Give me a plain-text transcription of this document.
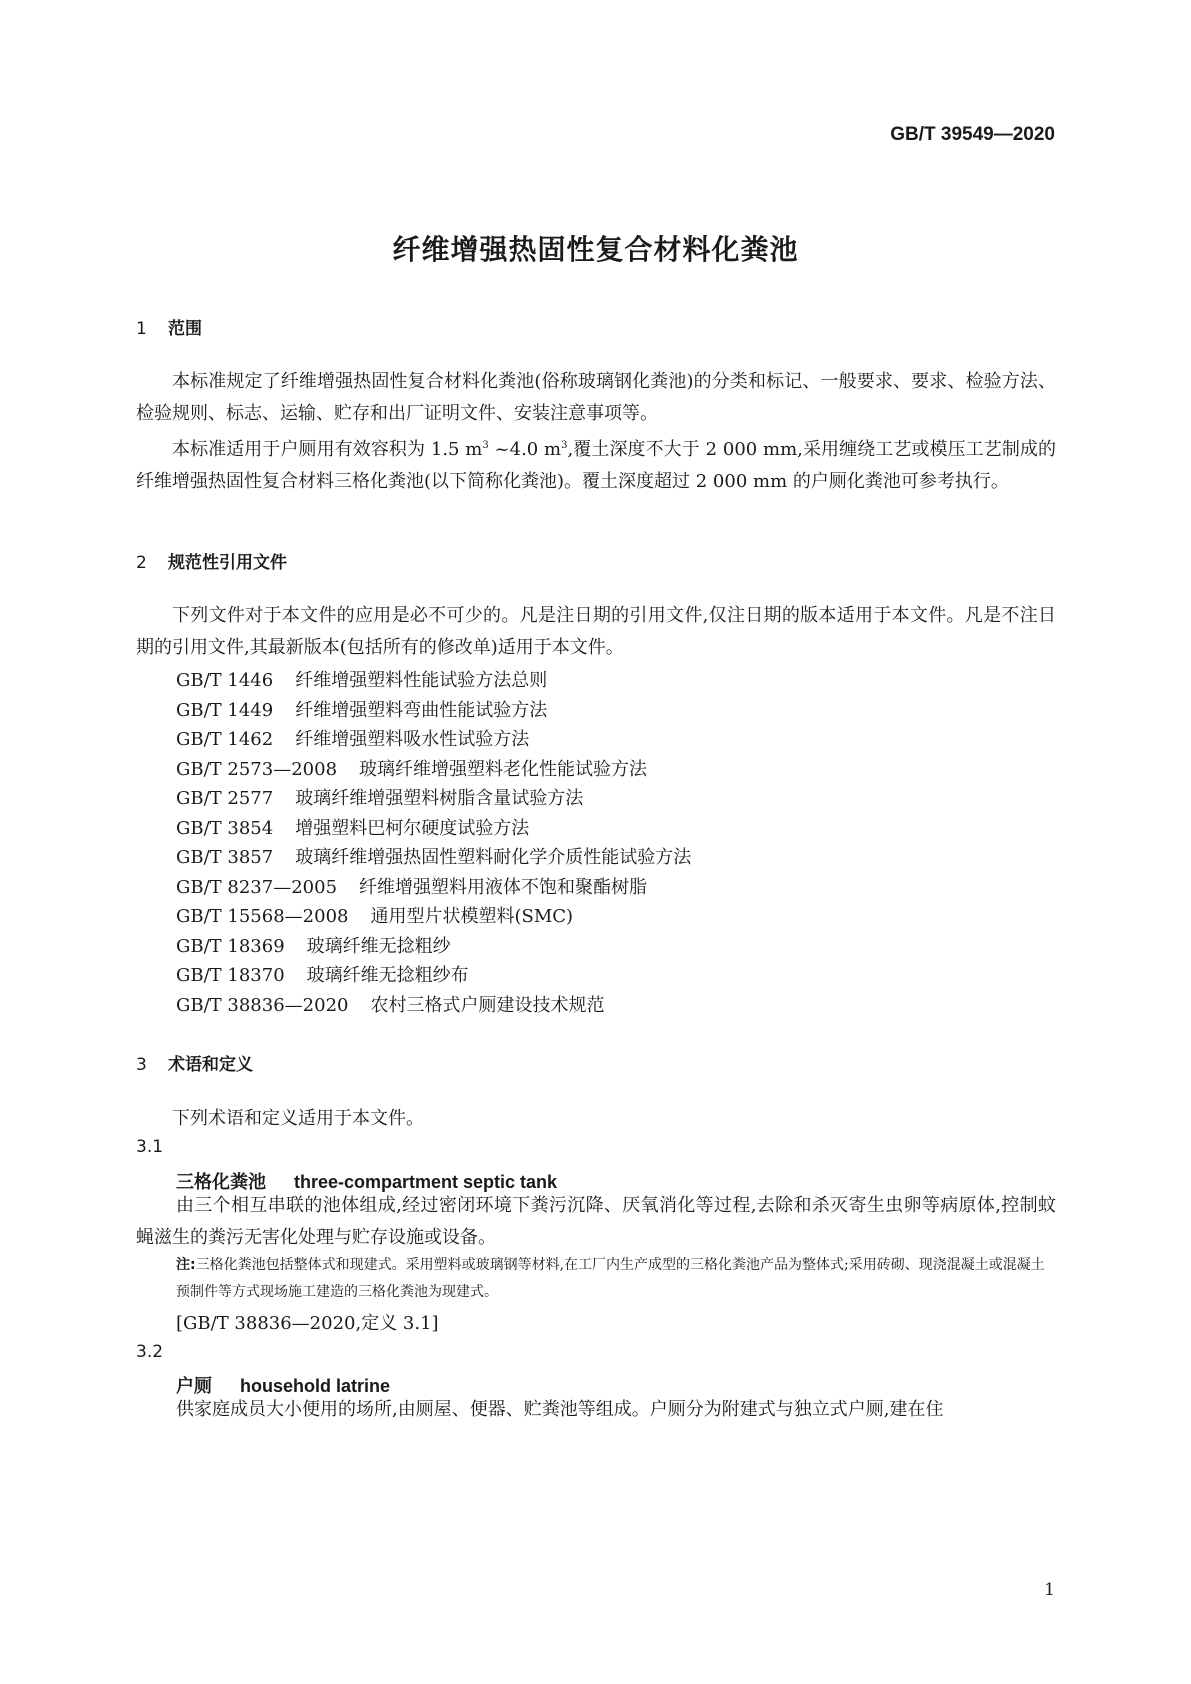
GB/T 39549—2020
纤维增强热固性复合材料化粪池
1 范围
本标准规定了纤维增强热固性复合材料化粪池(俗称玻璃钢化粪池)的分类和标记、一般要求、要求、检验方法、检验规则、标志、运输、贮存和出厂证明文件、安装注意事项等。
本标准适用于户厕用有效容积为 1.5 $m^3$ ~4.0 $m^3$,覆土深度不大于 2 000 mm,采用缠绕工艺或模压工艺制成的纤维增强热固性复合材料三格化粪池(以下简称化粪池)。覆土深度超过 2 000 mm 的户厕化粪池可参考执行。
2 规范性引用文件
下列文件对于本文件的应用是必不可少的。凡是注日期的引用文件,仅注日期的版本适用于本文件。凡是不注日期的引用文件,其最新版本(包括所有的修改单)适用于本文件。
GB/T 1446 纤维增强塑料性能试验方法总则
GB/T 1449 纤维增强塑料弯曲性能试验方法
GB/T 1462 纤维增强塑料吸水性试验方法
GB/T 2573—2008 玻璃纤维增强塑料老化性能试验方法
GB/T 2577 玻璃纤维增强塑料树脂含量试验方法
GB/T 3854 增强塑料巴柯尔硬度试验方法
GB/T 3857 玻璃纤维增强热固性塑料耐化学介质性能试验方法
GB/T 8237—2005 纤维增强塑料用液体不饱和聚酯树脂
GB/T 15568—2008 通用型片状模塑料(SMC)
GB/T 18369 玻璃纤维无捻粗纱
GB/T 18370 玻璃纤维无捻粗纱布
GB/T 38836—2020 农村三格式户厕建设技术规范
3 术语和定义
下列术语和定义适用于本文件。
3.1
三格化粪池 three-compartment septic tank
由三个相互串联的池体组成,经过密闭环境下粪污沉降、厌氧消化等过程,去除和杀灭寄生虫卵等病原体,控制蚊蝇滋生的粪污无害化处理与贮存设施或设备。
注:三格化粪池包括整体式和现建式。采用塑料或玻璃钢等材料,在工厂内生产成型的三格化粪池产品为整体式;采用砖砌、现浇混凝土或混凝土预制件等方式现场施工建造的三格化粪池为现建式。
[GB/T 38836—2020,定义 3.1]
3.2
户厕 household latrine
供家庭成员大小便用的场所,由厕屋、便器、贮粪池等组成。户厕分为附建式与独立式户厕,建在住
1
